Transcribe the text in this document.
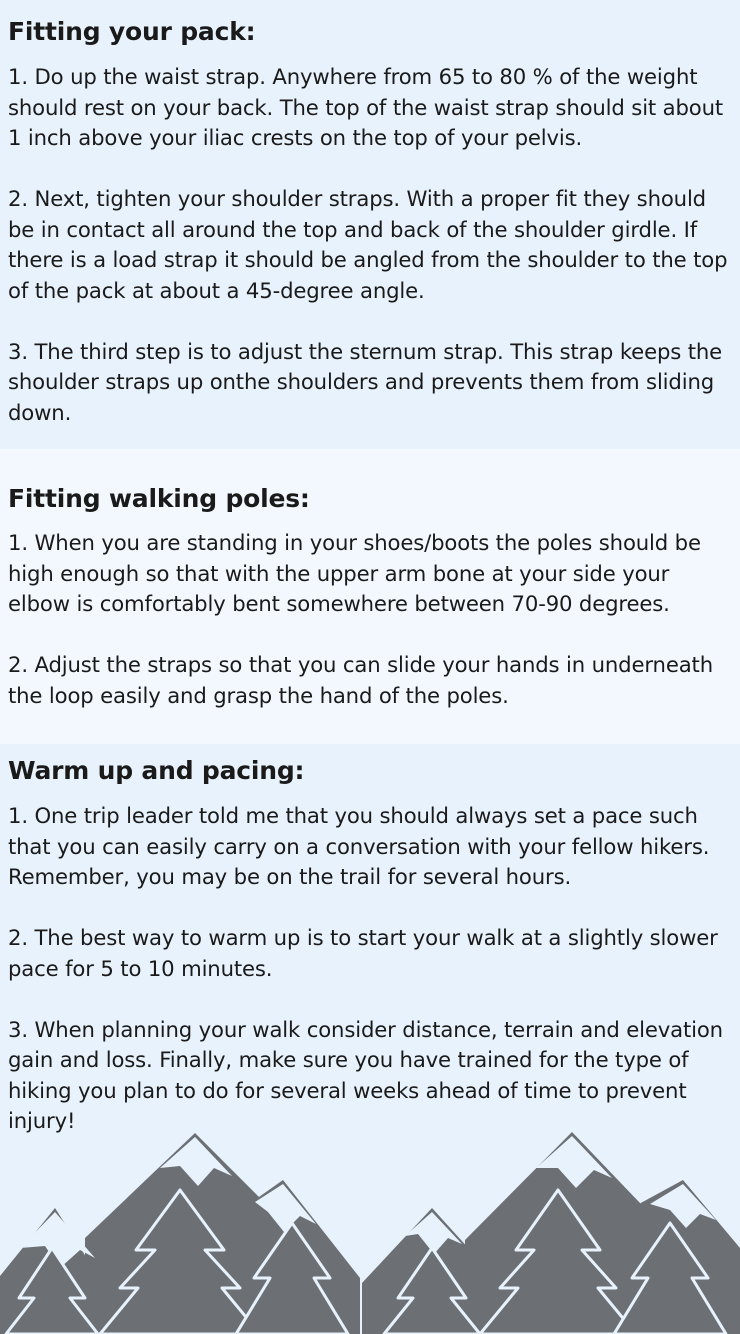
Fitting your pack:

1. Do up the waist strap. Anywhere from 65 to 80 % of the weight should rest on your back. The top of the waist strap should sit about 1 inch above your iliac crests on the top of your pelvis.

2. Next, tighten your shoulder straps. With a proper fit they should be in contact all around the top and back of the shoulder girdle. If there is a load strap it should be angled from the shoulder to the top of the pack at about a 45-degree angle.

3. The third step is to adjust the sternum strap. This strap keeps the shoulder straps up onthe shoulders and prevents them from sliding down.

Fitting walking poles:

1. When you are standing in your shoes/boots the poles should be high enough so that with the upper arm bone at your side your elbow is comfortably bent somewhere between 70-90 degrees.

2. Adjust the straps so that you can slide your hands in underneath the loop easily and grasp the hand of the poles.

Warm up and pacing:

1. One trip leader told me that you should always set a pace such that you can easily carry on a conversation with your fellow hikers. Remember, you may be on the trail for several hours.

2. The best way to warm up is to start your walk at a slightly slower pace for 5 to 10 minutes.

3. When planning your walk consider distance, terrain and elevation gain and loss. Finally, make sure you have trained for the type of hiking you plan to do for several weeks ahead of time to prevent injury!
